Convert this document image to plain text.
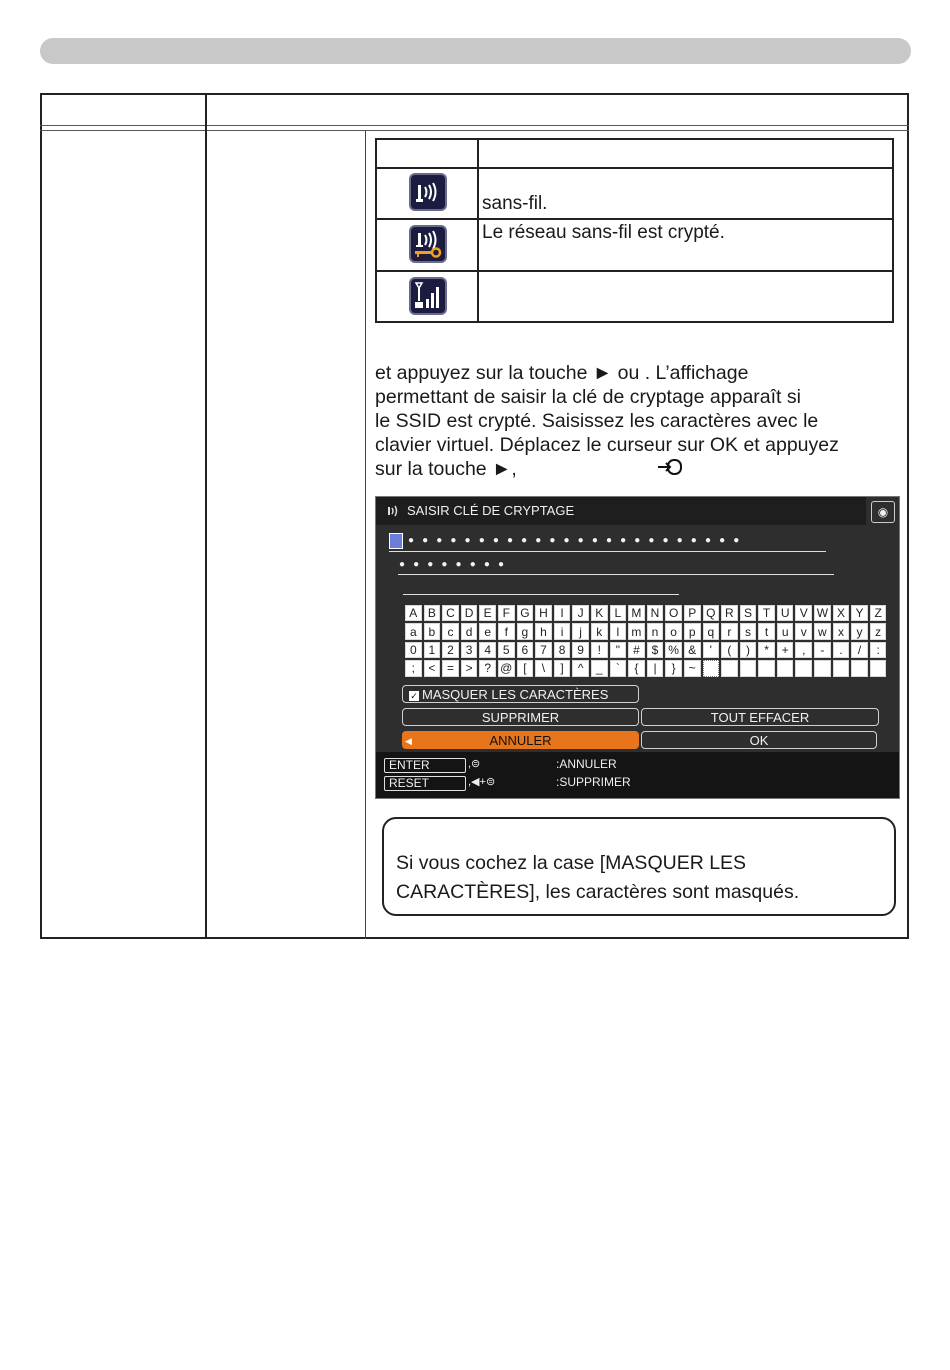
sans-fil.
Le réseau sans-fil est crypté.
et appuyez sur la touche ► ou . L’affichage
permettant de saisir la clé de cryptage apparaît si
le SSID est crypté. Saisissez les caractères avec le
clavier virtuel. Déplacez le curseur sur OK et appuyez
sur la touche ►,
SAISIR CLÉ DE CRYPTAGE	◉
●●●●●●●●●●●●●●●●●●●●●●●●
●●●●●●●●
A	B	C	D	E	F	G	H	I	J	K	L	M	N	O	P	Q	R	S	T	U	V	W	X	Y	Z
a	b	c	d	e	f	g	h	i	j	k	l	m	n	o	p	q	r	s	t	u	v	w	x	y	z
0	1	2	3	4	5	6	7	8	9	!	"	#	$	%	&	'	(	)	*	+	,	-	.	/	:
;	<	=	>	?	@	[	\	]	^	_	`	{	|	}	~										
✓ MASQUER LES CARACTÈRES
SUPPRIMER	TOUT EFFACER
◀	ANNULER	OK
ENTER	,⊜	:ANNULER
RESET	,◀+⊜	:SUPPRIMER
Si vous cochez la case [MASQUER LES
CARACTÈRES], les caractères sont masqués.
